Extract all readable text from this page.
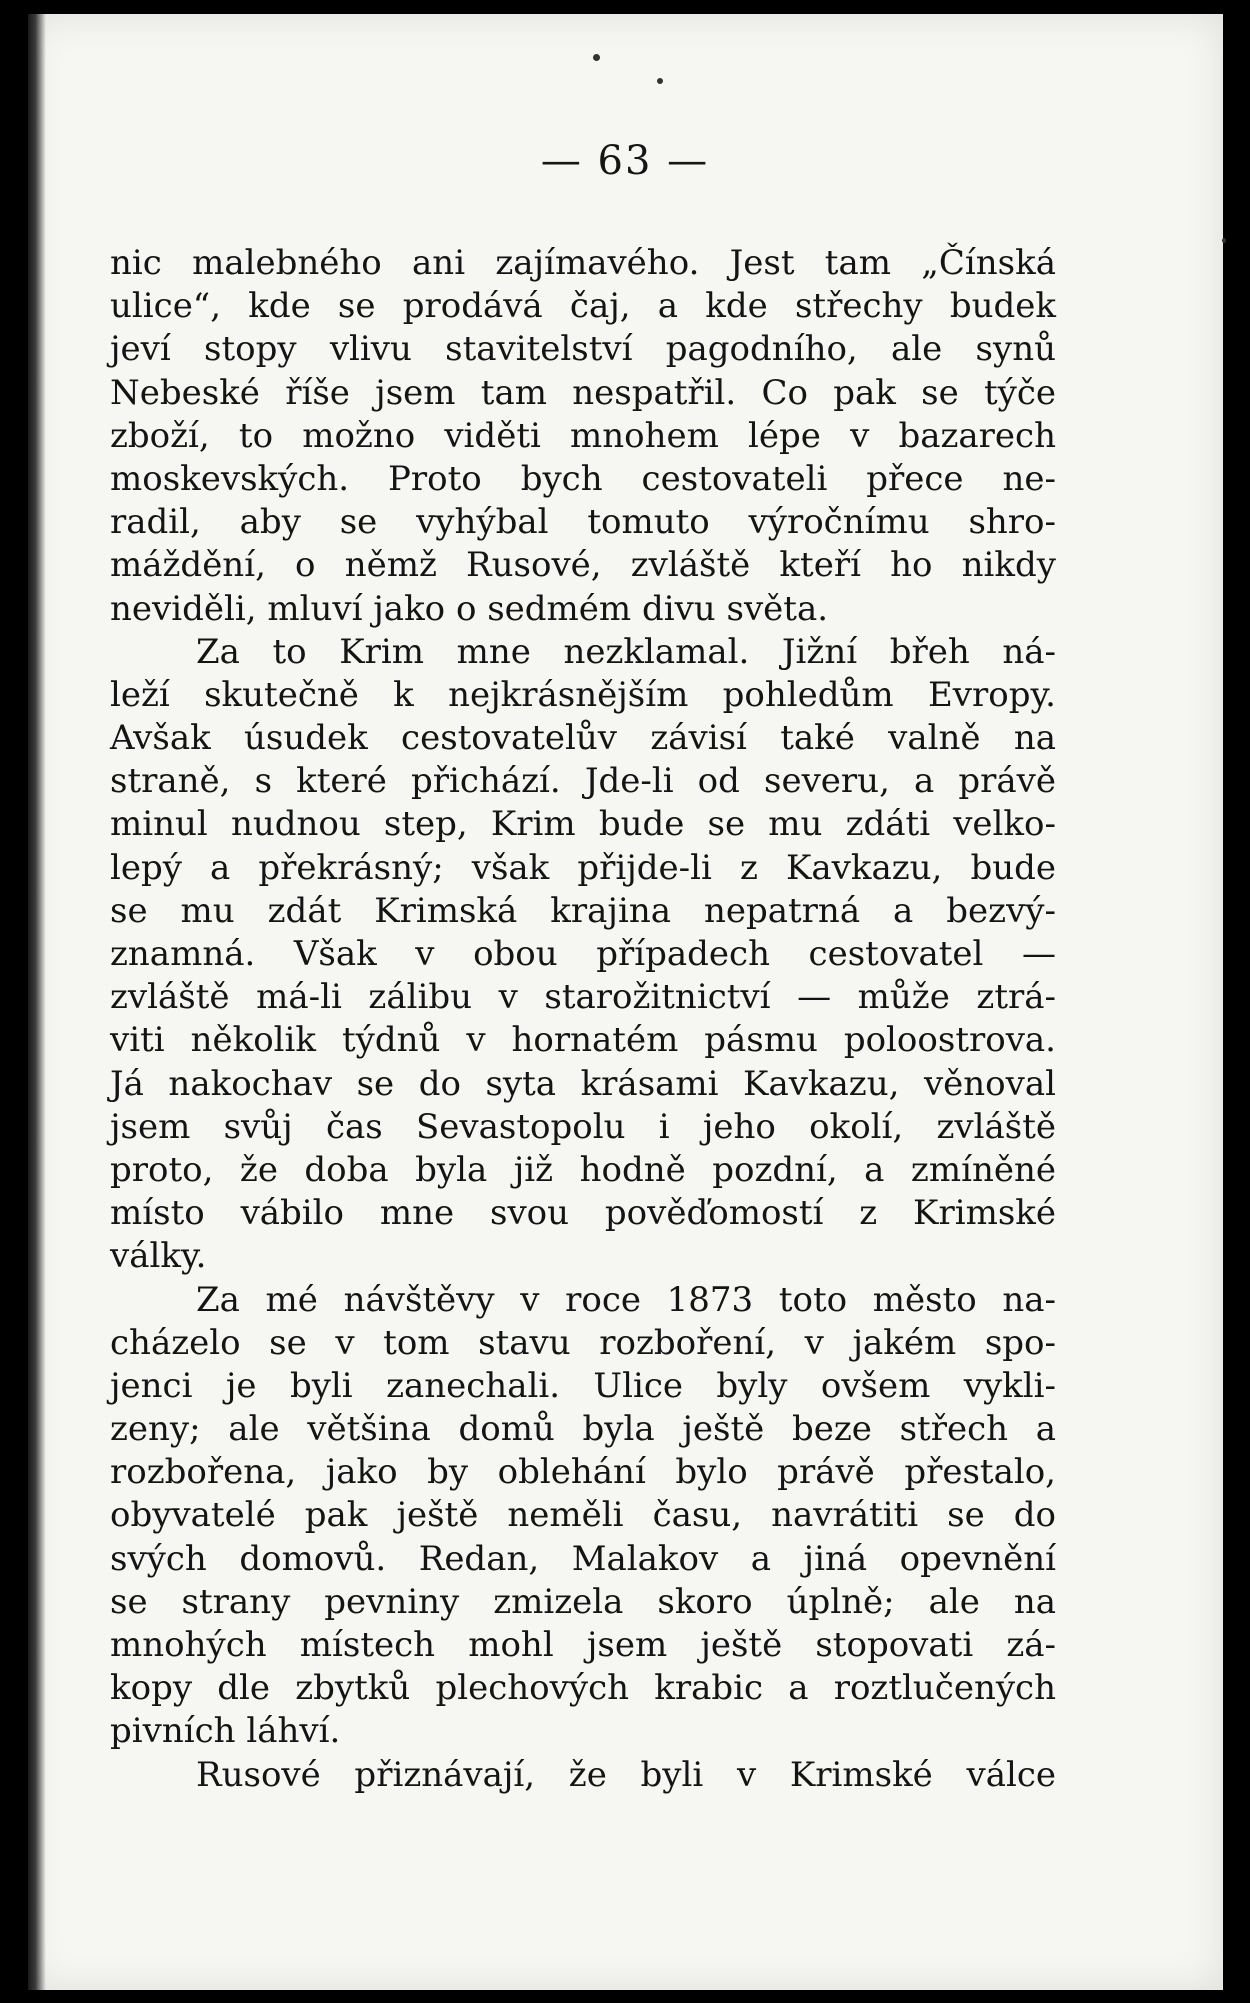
— 63 —
nic malebného ani zajímavého. Jest tam „Čínská
ulice“, kde se prodává čaj, a kde střechy budek
jeví stopy vlivu stavitelství pagodního, ale synů
Nebeské říše jsem tam nespatřil. Co pak se týče
zboží, to možno viděti mnohem lépe v bazarech
moskevských. Proto bych cestovateli přece ne-
radil, aby se vyhýbal tomuto výročnímu shro-
máždění, o němž Rusové, zvláště kteří ho nikdy
neviděli, mluví jako o sedmém divu světa.
Za to Krim mne nezklamal. Jižní břeh ná-
leží skutečně k nejkrásnějším pohledům Evropy.
Avšak úsudek cestovatelův závisí také valně na
straně, s které přichází. Jde-li od severu, a právě
minul nudnou step, Krim bude se mu zdáti velko-
lepý a překrásný; však přijde-li z Kavkazu, bude
se mu zdát Krimská krajina nepatrná a bezvý-
znamná. Však v obou případech cestovatel —
zvláště má-li zálibu v starožitnictví — může ztrá-
viti několik týdnů v hornatém pásmu poloostrova.
Já nakochav se do syta krásami Kavkazu, věnoval
jsem svůj čas Sevastopolu i jeho okolí, zvláště
proto, že doba byla již hodně pozdní, a zmíněné
místo vábilo mne svou pověďomostí z Krimské
války.
Za mé návštěvy v roce 1873 toto město na-
cházelo se v tom stavu rozboření, v jakém spo-
jenci je byli zanechali. Ulice byly ovšem vykli-
zeny; ale většina domů byla ještě beze střech a
rozbořena, jako by oblehání bylo právě přestalo,
obyvatelé pak ještě neměli času, navrátiti se do
svých domovů. Redan, Malakov a jiná opevnění
se strany pevniny zmizela skoro úplně; ale na
mnohých místech mohl jsem ještě stopovati zá-
kopy dle zbytků plechových krabic a roztlučených
pivních láhví.
Rusové přiznávají, že byli v Krimské válce
